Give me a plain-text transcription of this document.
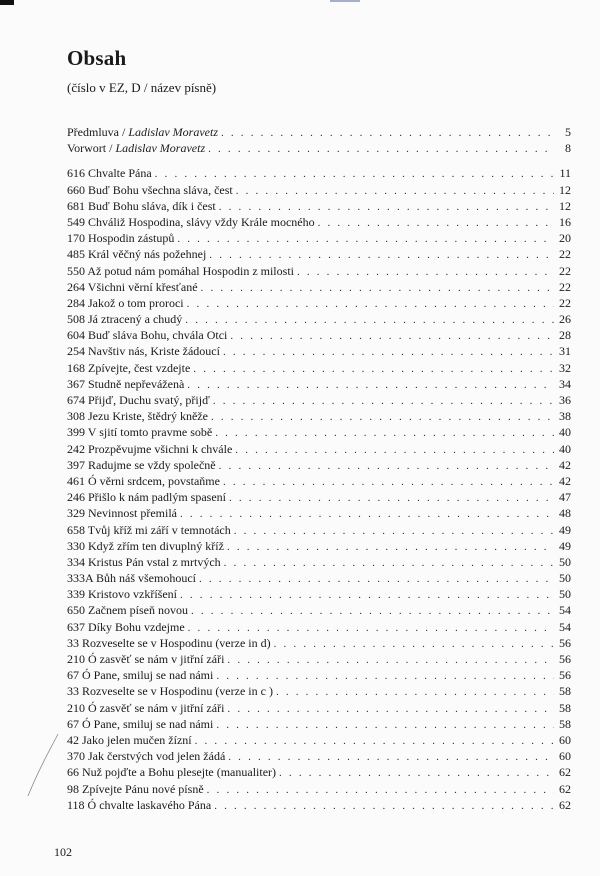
Obsah
(číslo v EZ, D / název písně)
Předmluva / Ladislav Moravetz . . .	5
Vorwort / Ladislav Moravetz . . .	8
616 Chvalte Pána . . .	11
660 Buď Bohu všechna sláva, čest . . .	12
681 Buď Bohu sláva, dík i čest . . .	12
549 Chváliž Hospodina, slávy vždy Krále mocného . . .	16
170 Hospodin zástupů . . .	20
485 Král věčný nás požehnej . . .	22
550 Až potud nám pomáhal Hospodin z milosti . . .	22
264 Všichni věrní křesťané . . .	22
284 Jakož o tom proroci . . .	22
508 Já ztracený a chudý . . .	26
604 Buď sláva Bohu, chvála Otci . . .	28
254 Navštiv nás, Kriste žádoucí . . .	31
168 Zpívejte, čest vzdejte . . .	32
367 Studně nepřeváženà . . .	34
674 Přijď, Duchu svatý, přijď . . .	36
308 Jezu Kriste, štědrý kněže . . .	38
399 V sjití tomto pravme sobě . . .	40
242 Prozpěvujme všichni k chvále . . .	40
397 Radujme se vždy společně . . .	42
461 Ó věrni srdcem, povstaňme . . .	42
246 Přišlo k nám padlým spasení . . .	47
329 Nevinnost přemilá . . .	48
658 Tvůj kříž mi září v temnotách . . .	49
330 Když zřím ten divuplný kříž . . .	49
334 Kristus Pán vstal z mrtvých . . .	50
333A Bůh náš všemohoucí . . .	50
339 Kristovo vzkříšení . . .	50
650 Začnem píseň novou . . .	54
637 Díky Bohu vzdejme . . .	54
33 Rozveselte se v Hospodinu (verze in d) . . .	56
210 Ó zasvěť se nám v jitřní záři . . .	56
67 Ó Pane, smiluj se nad námi . . .	56
33 Rozveselte se v Hospodinu (verze in c ) . . .	58
210 Ó zasvěť se nám v jitřní záři . . .	58
67 Ó Pane, smiluj se nad námi . . .	58
42 Jako jelen mučen žízní . . .	60
370 Jak čerstvých vod jelen žádá . . .	60
66 Nuž pojďte a Bohu plesejte (manualiter) . . .	62
98 Zpívejte Pánu nové písně . . .	62
118 Ó chvalte laskavého Pána . . .	62
102
